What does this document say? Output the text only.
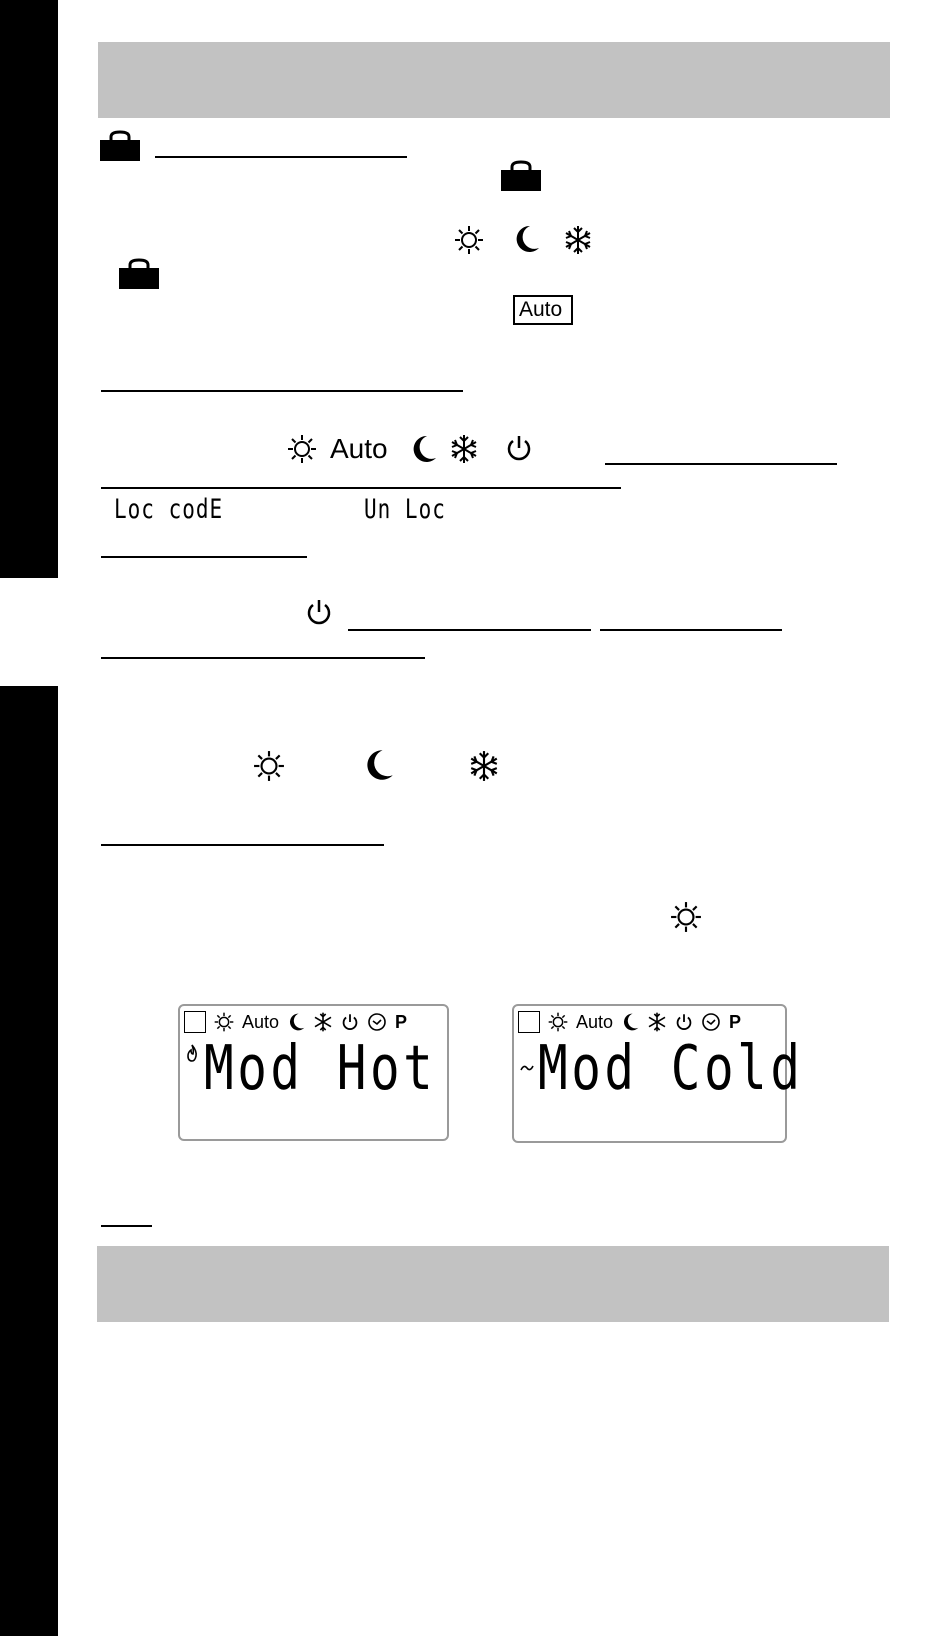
Auto
Auto
Loc codE	Un Loc
Auto	P
Mod Hot
Auto	P
Mod Cold
